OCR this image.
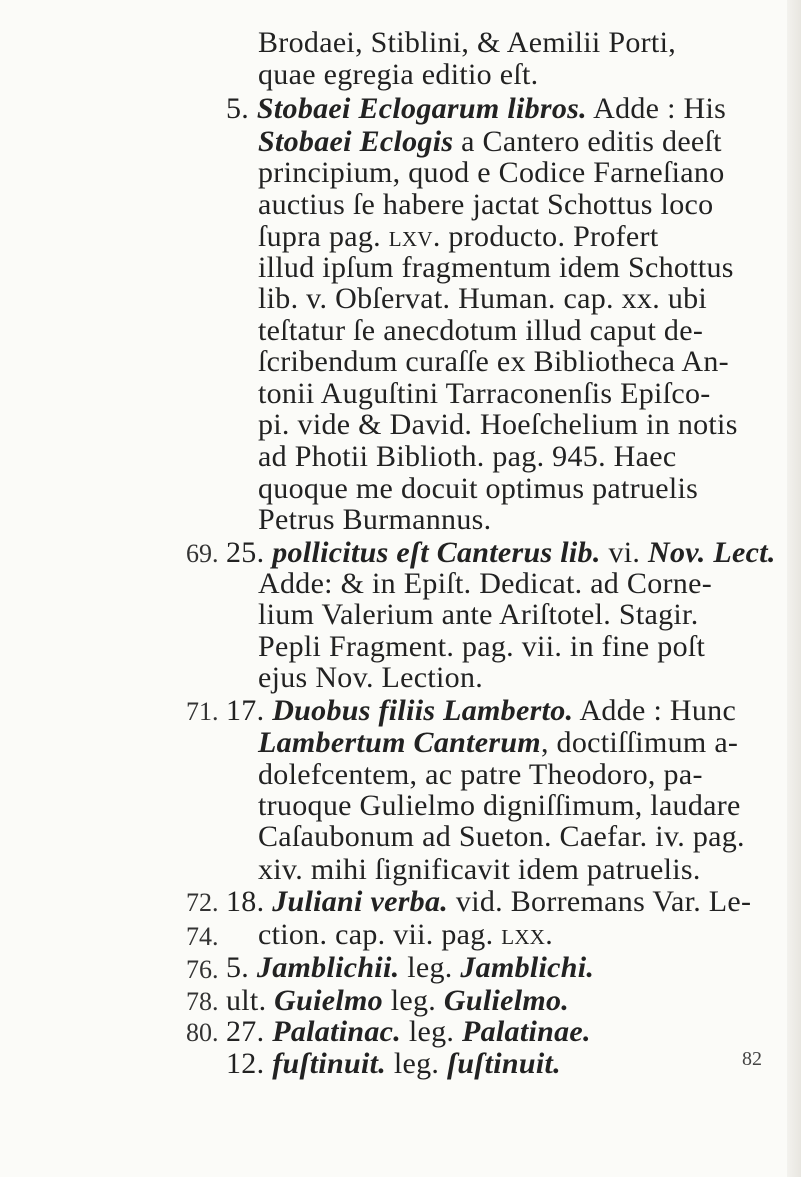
Brodaei, Stiblini, & Aemilii Porti,
quae egregia editio eſt.
5. Stobaei Eclogarum libros. Adde : His
Stobaei Eclogis a Cantero editis deeſt
principium, quod e Codice Farneſiano
auctius ſe habere jactat Schottus loco
ſupra pag. lxv. producto. Profert
illud ipſum fragmentum idem Schottus
lib. v. Obſervat. Human. cap. xx. ubi
teſtatur ſe anecdotum illud caput de-
ſcribendum curaſſe ex Bibliotheca An-
tonii Auguſtini Tarraconenſis Epiſco-
pi. vide & David. Hoeſchelium in notis
ad Photii Biblioth. pag. 945. Haec
quoque me docuit optimus patruelis
Petrus Burmannus.
25. pollicitus eſt Canterus lib. vi. Nov. Lect.
69.
Adde: & in Epiſt. Dedicat. ad Corne-
lium Valerium ante Ariſtotel. Stagir.
Pepli Fragment. pag. vii. in fine poſt
ejus Nov. Lection.
17. Duobus filiis Lamberto. Adde : Hunc
71.
Lambertum Canterum, doctiſſimum a-
dolefcentem, ac patre Theodoro, pa-
truoque Gulielmo digniſſimum, laudare
Caſaubonum ad Sueton. Caefar. iv. pag.
xiv. mihi ſignificavit idem patruelis.
18. Juliani verba. vid. Borremans Var. Le-
72.
ction. cap. vii. pag. lxx.
5. Jamblichii. leg. Jamblichi.
74.
ult. Guielmo leg. Gulielmo.
76.
27. Palatinac. leg. Palatinae.
78.
12. fuſtinuit. leg. ſuſtinuit.
80.
82
